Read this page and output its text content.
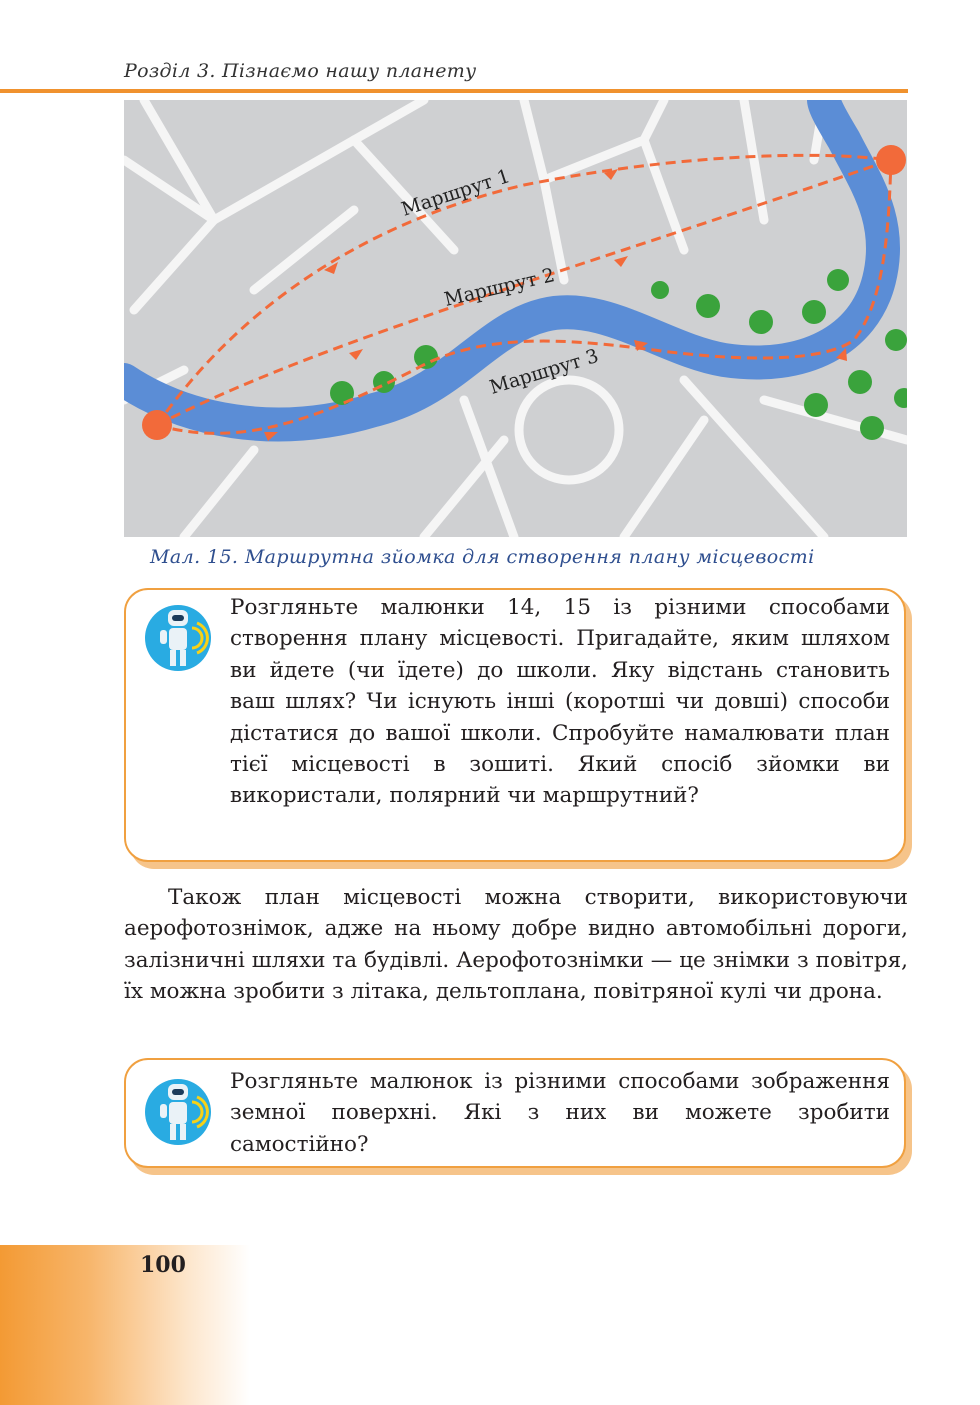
Розділ 3. Пізнаємо нашу планету
Маршрут 1
Маршрут 2
Маршрут 3
Мал. 15. Маршрутна зйомка для створення плану місцевості
Розгляньте малюнки 14, 15 із різними способами створення плану місцевості. Пригадайте, яким шляхом ви йдете (чи їдете) до школи. Яку відстань становить ваш шлях? Чи існують інші (коротші чи довші) способи дістатися до вашої школи. Спробуйте намалювати план тієї місцевості в зошиті. Який спосіб зйомки ви використали, полярний чи маршрутний?
Також план місцевості можна створити, використовуючи аерофотознімок, адже на ньому добре видно автомобільні дороги, залізничні шляхи та будівлі. Аерофотознімки — це знімки з повітря, їх можна зробити з літака, дельтоплана, повітряної кулі чи дрона.
Розгляньте малюнок із різними способами зображення земної поверхні. Які з них ви можете зробити самостійно?
100
